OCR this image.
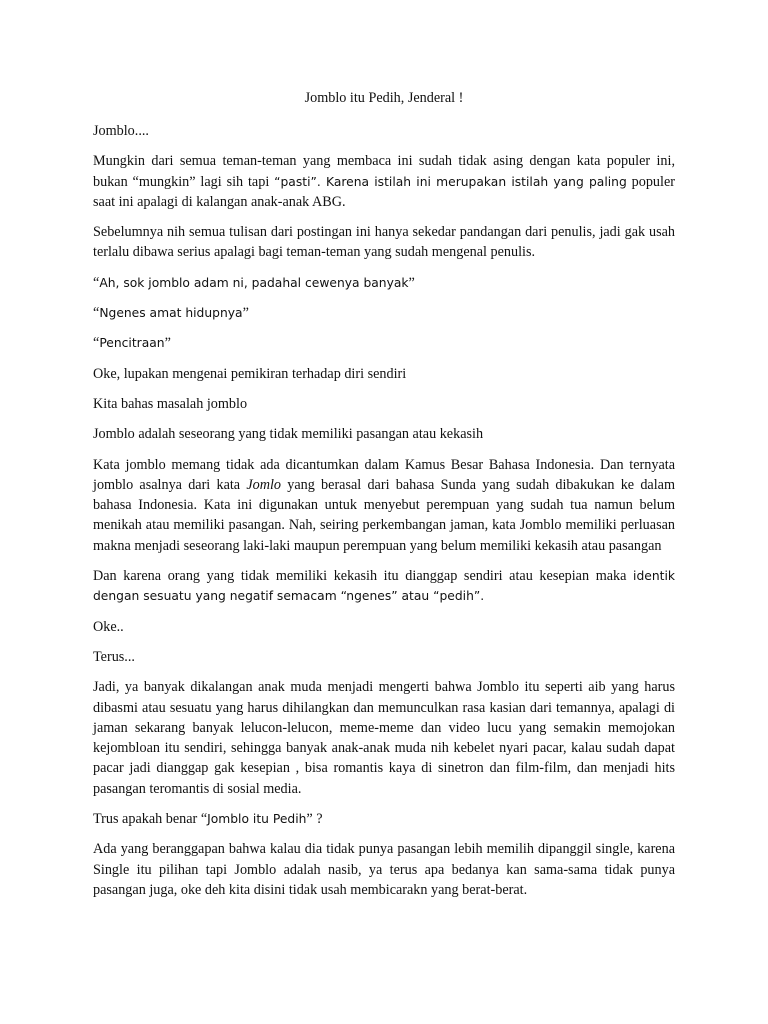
Jomblo itu Pedih, Jenderal !

Jomblo....

Mungkin dari semua teman-teman yang membaca ini sudah tidak asing dengan kata populer ini, bukan “mungkin” lagi sih tapi “pasti”. Karena istilah ini merupakan istilah yang paling populer saat ini apalagi di kalangan anak-anak ABG.

Sebelumnya nih semua tulisan dari postingan ini hanya sekedar pandangan dari penulis, jadi gak usah terlalu dibawa serius apalagi bagi teman-teman yang sudah mengenal penulis.

“Ah, sok jomblo adam ni, padahal cewenya banyak”

“Ngenes amat hidupnya”

“Pencitraan”

Oke, lupakan mengenai pemikiran terhadap diri sendiri

Kita bahas masalah jomblo

Jomblo adalah seseorang yang tidak memiliki pasangan atau kekasih

Kata jomblo memang tidak ada dicantumkan dalam Kamus Besar Bahasa Indonesia. Dan ternyata jomblo asalnya dari kata Jomlo yang berasal dari bahasa Sunda yang sudah dibakukan ke dalam bahasa Indonesia. Kata ini digunakan untuk menyebut perempuan yang sudah tua namun belum menikah atau memiliki pasangan. Nah, seiring perkembangan jaman, kata Jomblo memiliki perluasan makna menjadi seseorang laki-laki maupun perempuan yang belum memiliki kekasih atau pasangan

Dan karena orang yang tidak memiliki kekasih itu dianggap sendiri atau kesepian maka identik dengan sesuatu yang negatif semacam “ngenes” atau “pedih”.

Oke..

Terus...

Jadi, ya banyak dikalangan anak muda menjadi mengerti bahwa Jomblo itu seperti aib yang harus dibasmi atau sesuatu yang harus dihilangkan dan memunculkan rasa kasian dari temannya, apalagi di jaman sekarang banyak lelucon-lelucon, meme-meme dan video lucu yang semakin memojokan kejombloan itu sendiri, sehingga banyak anak-anak muda nih kebelet nyari pacar, kalau sudah dapat pacar jadi dianggap gak kesepian , bisa romantis kaya di sinetron dan film-film, dan menjadi hits pasangan teromantis di sosial media.

Trus apakah benar “Jomblo itu Pedih” ?

Ada yang beranggapan bahwa kalau dia tidak punya pasangan lebih memilih dipanggil single, karena Single itu pilihan tapi Jomblo adalah nasib, ya terus apa bedanya kan sama-sama tidak punya pasangan juga, oke deh kita disini tidak usah membicarakn yang berat-berat.
